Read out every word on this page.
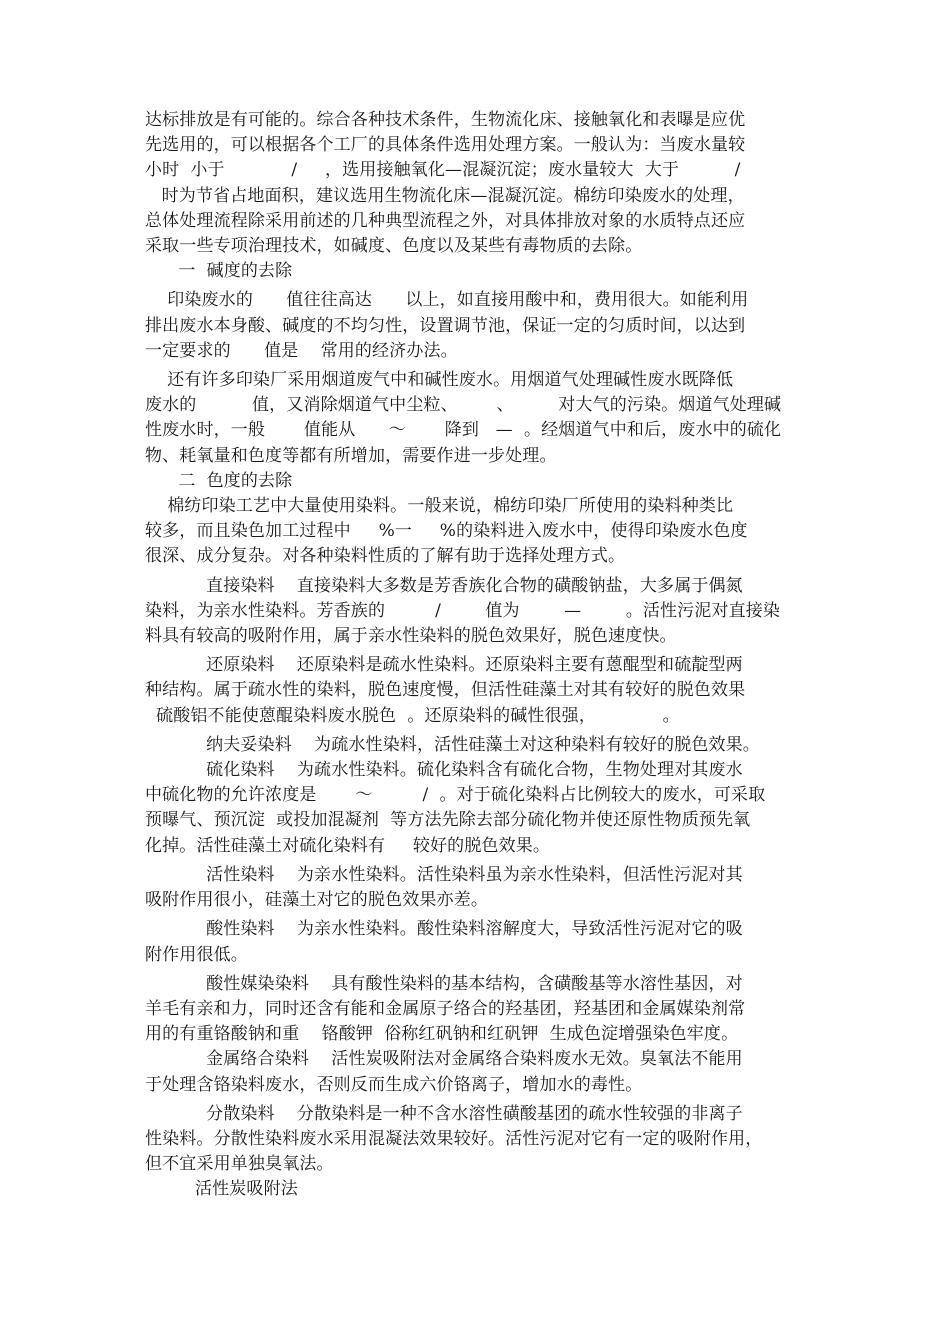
达标排放是有可能的。综合各种技术条件，生物流化床、接触氧化和表曝是应优

先选用的，可以根据各个工厂的具体条件选用处理方案。一般认为：当废水量较

小时  小于            /     ，选用接触氧化—混凝沉淀；废水量较大  大于          /

时为节省占地面积，建议选用生物流化床—混凝沉淀。棉纺印染废水的处理，

总体处理流程除采用前述的几种典型流程之外，对具体排放对象的水质特点还应

采取一些专项治理技术，如碱度、色度以及某些有毒物质的去除。

一  碱度的去除

印染废水的      值往往高达      以上，如直接用酸中和，费用很大。如能利用

排出废水本身酸、碱度的不均匀性，设置调节池，保证一定的匀质时间，以达到

一定要求的      值是    常用的经济办法。

还有许多印染厂采用烟道废气中和碱性废水。用烟道气处理碱性废水既降低

废水的          值，又消除烟道气中尘粒、       、        对大气的污染。烟道气处理碱

性废水时，一般       值能从      ～       降到   —  。经烟道气中和后，废水中的硫化

物、耗氧量和色度等都有所增加，需要作进一步处理。

二  色度的去除

棉纺印染工艺中大量使用染料。一般来说，棉纺印染厂所使用的染料种类比

较多，而且染色加工过程中     %一     %的染料进入废水中，使得印染废水色度

很深、成分复杂。对各种染料性质的了解有助于选择处理方式。

直接染料    直接染料大多数是芳香族化合物的磺酸钠盐，大多属于偶氮

染料，为亲水性染料。芳香族的         /        值为        —        。活性污泥对直接染

料具有较高的吸附作用，属于亲水性染料的脱色效果好，脱色速度快。

还原染料    还原染料是疏水性染料。还原染料主要有蒽醌型和硫靛型两

种结构。属于疏水性的染料，脱色速度慢，但活性硅藻土对其有较好的脱色效果

硫酸铝不能使蒽醌染料废水脱色  。还原染料的碱性很强，            。

纳夫妥染料    为疏水性染料，活性硅藻土对这种染料有较好的脱色效果。

硫化染料    为疏水性染料。硫化染料含有硫化合物，生物处理对其废水

中硫化物的允许浓度是       ～         /  。对于硫化染料占比例较大的废水，可采取

预曝气、预沉淀  或投加混凝剂  等方法先除去部分硫化物并使还原性物质预先氧

化掉。活性硅藻土对硫化染料有     较好的脱色效果。

活性染料    为亲水性染料。活性染料虽为亲水性染料，但活性污泥对其

吸附作用很小，硅藻土对它的脱色效果亦差。

酸性染料    为亲水性染料。酸性染料溶解度大，导致活性污泥对它的吸

附作用很低。

酸性媒染染料    具有酸性染料的基本结构，含磺酸基等水溶性基因，对

羊毛有亲和力，同时还含有能和金属原子络合的羟基团，羟基团和金属媒染剂常

用的有重铬酸钠和重    铬酸钾  俗称红矾钠和红矾钾  生成色淀增强染色牢度。

金属络合染料    活性炭吸附法对金属络合染料废水无效。臭氧法不能用

于处理含铬染料废水，否则反而生成六价铬离子，增加水的毒性。

分散染料    分散染料是一种不含水溶性磺酸基团的疏水性较强的非离子

性染料。分散性染料废水采用混凝法效果较好。活性污泥对它有一定的吸附作用，

但不宜采用单独臭氧法。

活性炭吸附法
